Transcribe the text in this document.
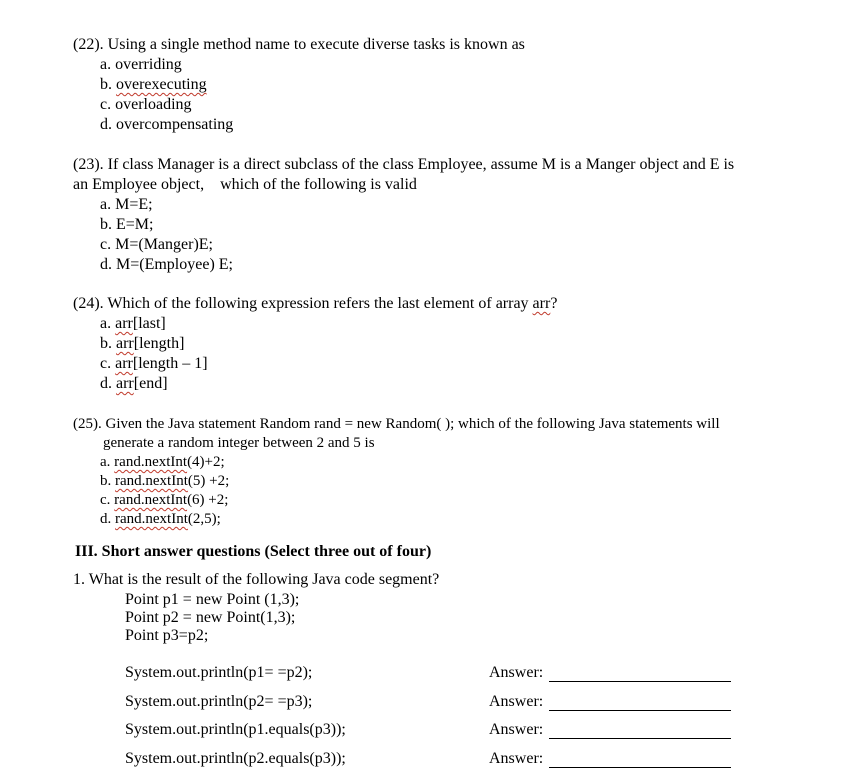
(22). Using a single method name to execute diverse tasks is known as
a. overriding
b. overexecuting
c. overloading
d. overcompensating
(23). If class Manager is a direct subclass of the class Employee, assume M is a Manger object and E is
an Employee object,    which of the following is valid
a. M=E;
b. E=M;
c. M=(Manger)E;
d. M=(Employee) E;
(24). Which of the following expression refers the last element of array arr?
a. arr[last]
b. arr[length]
c. arr[length – 1]
d. arr[end]
(25). Given the Java statement Random rand = new Random( ); which of the following Java statements will
generate a random integer between 2 and 5 is
a. rand.nextInt(4)+2;
b. rand.nextInt(5) +2;
c. rand.nextInt(6) +2;
d. rand.nextInt(2,5);
III. Short answer questions (Select three out of four)
1. What is the result of the following Java code segment?
Point p1 = new Point (1,3);
Point p2 = new Point(1,3);
Point p3=p2;
System.out.println(p1= =p2);	Answer:
System.out.println(p2= =p3);	Answer:
System.out.println(p1.equals(p3));	Answer:
System.out.println(p2.equals(p3));	Answer:
